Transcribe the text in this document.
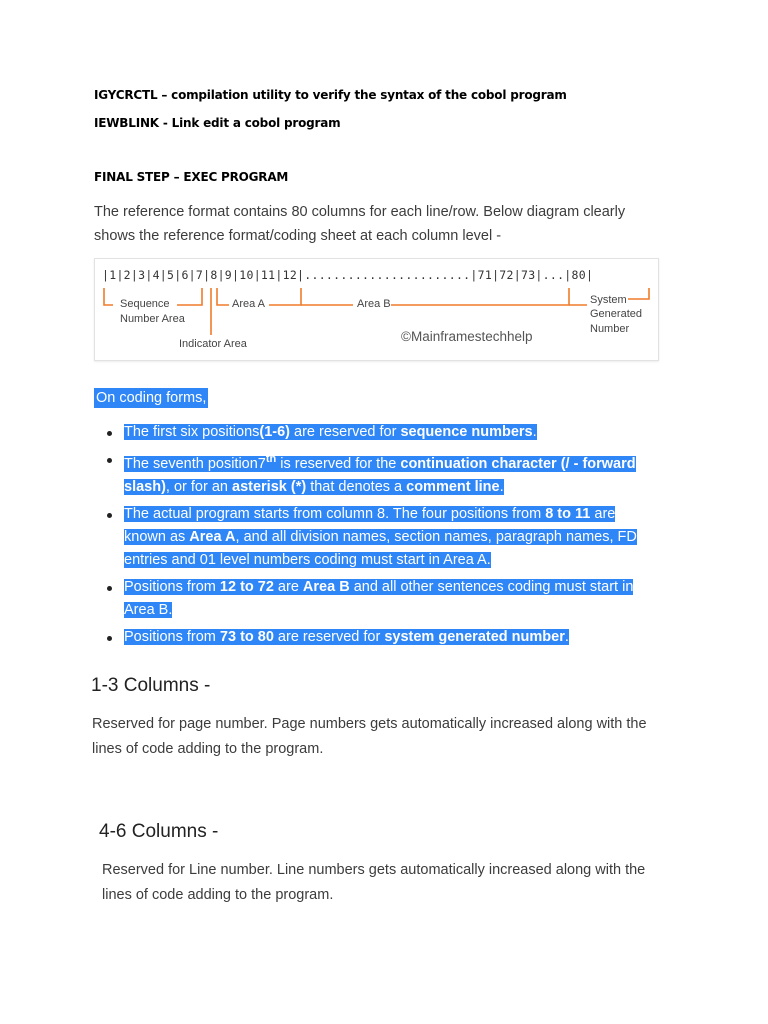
IGYCRCTL – compilation utility to verify the syntax of the cobol program
IEWBLINK - Link edit a cobol program
FINAL STEP – EXEC PROGRAM
The reference format contains 80 columns for each line/row. Below diagram clearly
shows the reference format/coding sheet at each column level -
|1|2|3|4|5|6|7|8|9|10|11|12|.......................|71|72|73|...|80|
Sequence
Number Area
Indicator Area
Area A	Area B	System
Generated
Number
©Mainframestechhelp
On coding forms,
The first six positions(1-6) are reserved for sequence numbers.
The seventh position7th is reserved for the continuation character (/ - forward
slash), or for an asterisk (*) that denotes a comment line.
The actual program starts from column 8. The four positions from 8 to 11 are
known as Area A, and all division names, section names, paragraph names, FD
entries and 01 level numbers coding must start in Area A.
Positions from 12 to 72 are Area B and all other sentences coding must start in
Area B.
Positions from 73 to 80 are reserved for system generated number.
1-3 Columns -
Reserved for page number. Page numbers gets automatically increased along with the
lines of code adding to the program.
4-6 Columns -
Reserved for Line number. Line numbers gets automatically increased along with the
lines of code adding to the program.
